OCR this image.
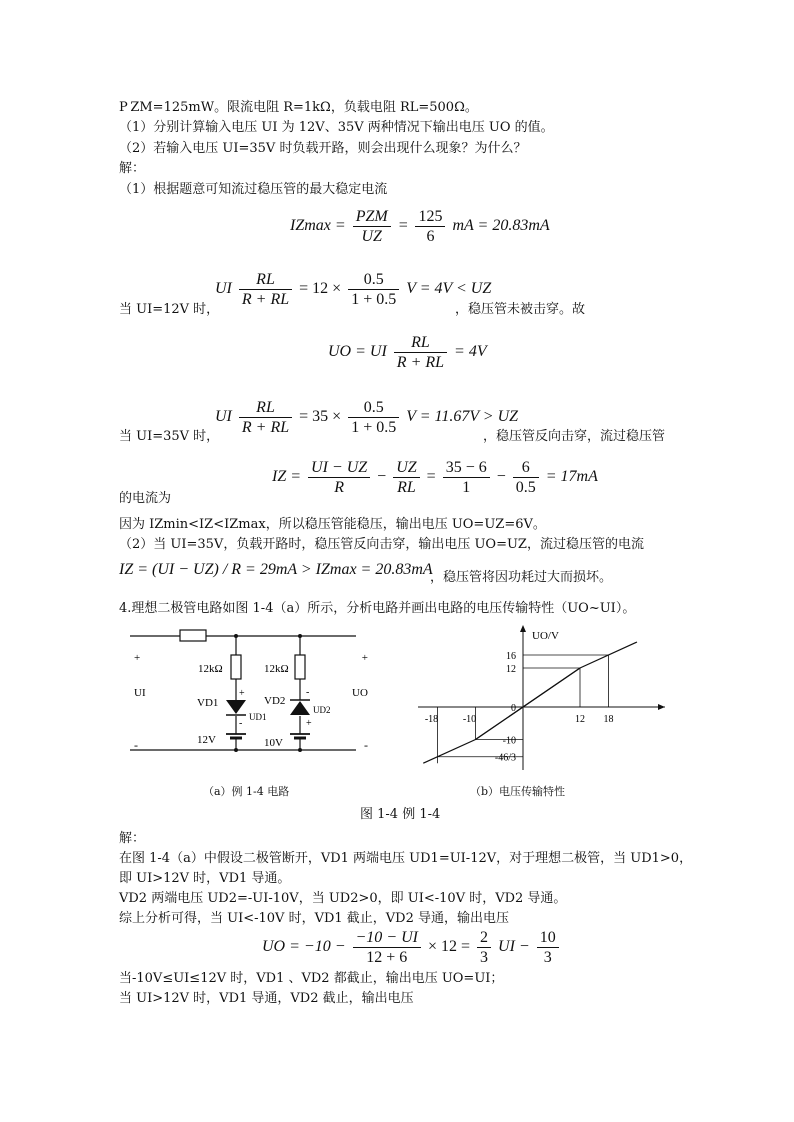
P ZM=125mW。限流电阻 R=1kΩ，负载电阻 RL=500Ω。
（1）分别计算输入电压 UI 为 12V、35V 两种情况下输出电压 UO 的值。
（2）若输入电压 UI=35V 时负载开路，则会出现什么现象？为什么？
解：
（1）根据题意可知流过稳压管的最大稳定电流
$IZmax = \frac{\text{PZM}}{UZ} = \frac{125}{6}$ mA = 20.83mA
UI $\frac{RL}{R + RL} = 12 \times \frac{0.5}{1 + 0.5}$ V = 4V < UZ
当 UI=12V 时，	，稳压管未被击穿。故
UO = UI $\frac{RL}{R + RL} = 4V$
UI $\frac{RL}{R + RL} = 35 \times \frac{0.5}{1 + 0.5}$ V = 11.67V > UZ
当 UI=35V 时，	，稳压管反向击穿，流过稳压管
IZ = $\frac{UI - UZ}{R} - \frac{UZ}{RL} = \frac{35 - 6}{1} - \frac{6}{0.5} = 17mA$
的电流为
因为 IZmin<IZ<IZmax，所以稳压管能稳压，输出电压 UO=UZ=6V。
（2）当 UI=35V，负载开路时，稳压管反向击穿，输出电压 UO=UZ，流过稳压管的电流
IZ = (UI − UZ) / R = 29mA > IZmax = 20.83mA
，稳压管将因功耗过大而损坏。
4.理想二极管电路如图 1-4（a）所示，分析电路并画出电路的电压传输特性（UO~UI）。
+
UI
-
+
UO
-
12kΩ	12kΩ
VD1	VD2
+
-
UD1
-
+
UD2
12V	10V
（a）例 1-4 电路
-18 -10	12 18
16
12
0
-10
-46/3
UO/V
（b）电压传输特性
图 1-4 例 1-4
解：
在图 1-4（a）中假设二极管断开，VD1 两端电压 UD1=UI-12V，对于理想二极管，当 UD1>0，
即 UI>12V 时，VD1 导通。
VD2 两端电压 UD2=-UI-10V，当 UD2>0，即 UI<-10V 时，VD2 导通。
综上分析可得，当 UI<-10V 时，VD1 截止，VD2 导通，输出电压
UO = $-10 - \frac{-10 - UI}{12 + 6} \times 12 = \frac{2}{3}$ UI − $\frac{10}{3}$
当-10V≤UI≤12V 时，VD1 、VD2 都截止，输出电压 UO=UI；
当 UI>12V 时，VD1 导通，VD2 截止，输出电压
